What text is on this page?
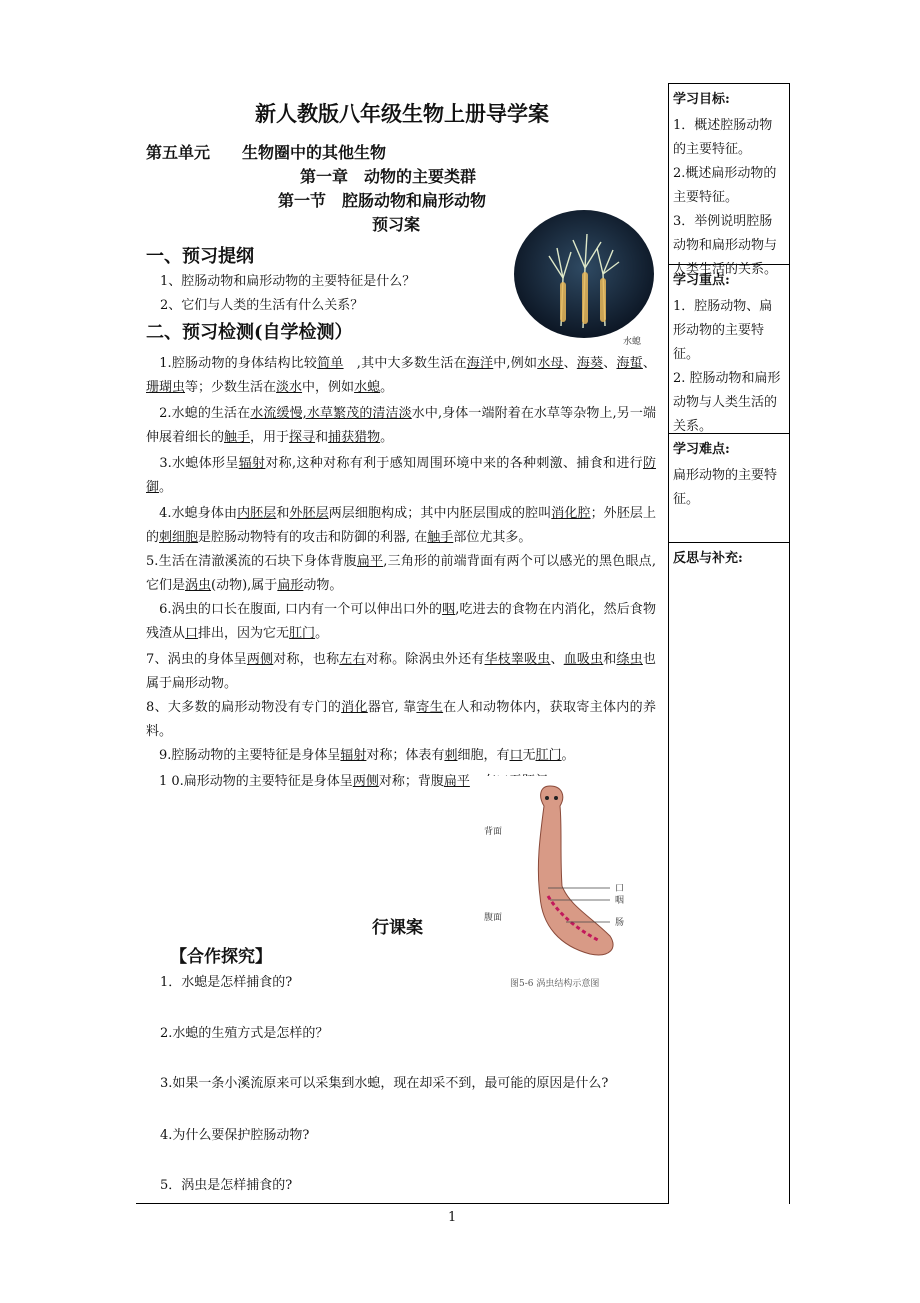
新人教版八年级生物上册导学案
第五单元　　生物圈中的其他生物
第一章　动物的主要类群
第一节　腔肠动物和扁形动物
预习案
一、预习提纲
1、腔肠动物和扁形动物的主要特征是什么？
2、它们与人类的生活有什么关系？
二、预习检测(自学检测）
　1.腔肠动物的身体结构比较简单　,其中大多数生活在海洋中,例如水母、海葵、海蜇、珊瑚虫等；少数生活在淡水中，例如水螅。
　2.水螅的生活在水流缓慢,水草繁茂的清洁淡水中,身体一端附着在水草等杂物上,另一端伸展着细长的触手，用于探寻和捕获猎物。
　3.水螅体形呈辐射对称,这种对称有利于感知周围环境中来的各种刺激、捕食和进行防御。
　4.水螅身体由内胚层和外胚层两层细胞构成；其中内胚层围成的腔叫消化腔；外胚层上的刺细胞是腔肠动物特有的攻击和防御的利器, 在触手部位尤其多。
5.生活在清澈溪流的石块下身体背腹扁平,三角形的前端背面有两个可以感光的黑色眼点,它们是涡虫(动物),属于扁形动物。
　6.涡虫的口长在腹面, 口内有一个可以伸出口外的咽,吃进去的食物在内消化，然后食物残渣从口排出，因为它无肛门。
7、涡虫的身体呈两侧对称，也称左右对称。除涡虫外还有华枝睾吸虫、血吸虫和绦虫也属于扁形动物。
8、大多数的扁形动物没有专门的消化器官, 靠寄生在人和动物体内，获取寄主体内的养料。
　9.腔肠动物的主要特征是身体呈辐射对称；体表有刺细胞，有口无肛门。
　1 0.扁形动物的主要特征是身体呈两侧对称；背腹扁平
行课案
【合作探究】
1．水螅是怎样捕食的?
2.水螅的生殖方式是怎样的？
3.如果一条小溪流原来可以采集到水螅，现在却采不到，最可能的原因是什么?
4.为什么要保护腔肠动物?
5．涡虫是怎样捕食的?
水螅
背面
腹面
口
咽
肠
图5-6 涡虫结构示意图
学习目标:

1．概述腔肠动物的主要特征。

2.概述扁形动物的主要特征。

3．举例说明腔肠动物和扁形动物与人类生活的关系。

学习重点:

1．腔肠动物、扁形动物的主要特征。

2. 腔肠动物和扁形动物与人类生活的关系。

学习难点:

扁形动物的主要特征。

反思与补充:
1
